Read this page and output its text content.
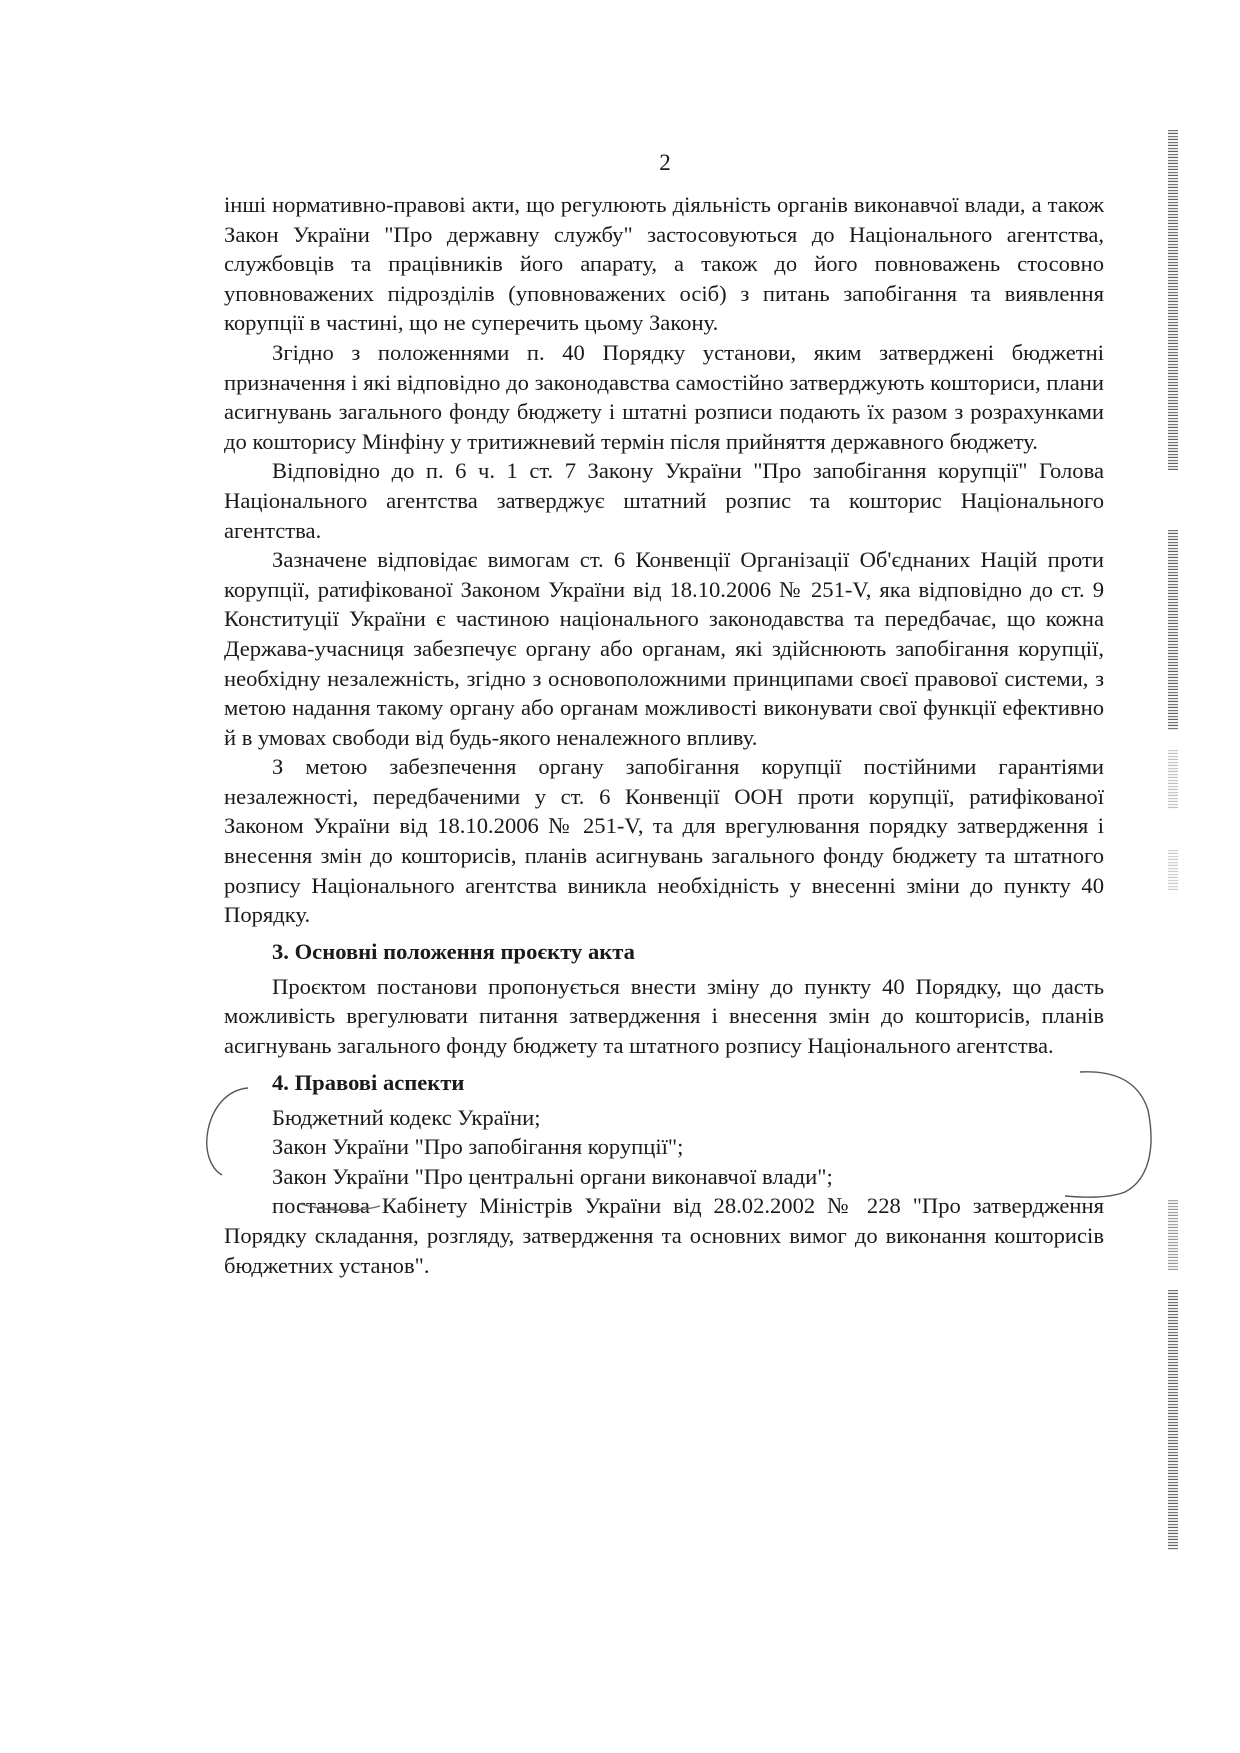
2

інші нормативно-правові акти, що регулюють діяльність органів виконавчої влади, а також Закон України "Про державну службу" застосовуються до Національного агентства, службовців та працівників його апарату, а також до його повноважень стосовно уповноважених підрозділів (уповноважених осіб) з питань запобігання та виявлення корупції в частині, що не суперечить цьому Закону.

Згідно з положеннями п. 40 Порядку установи, яким затверджені бюджетні призначення і які відповідно до законодавства самостійно затверджують кошториси, плани асигнувань загального фонду бюджету і штатні розписи подають їх разом з розрахунками до кошторису Мінфіну у тритижневий термін після прийняття державного бюджету.

Відповідно до п. 6 ч. 1 ст. 7 Закону України "Про запобігання корупції" Голова Національного агентства затверджує штатний розпис та кошторис Національного агентства.

Зазначене відповідає вимогам ст. 6 Конвенції Організації Об'єднаних Націй проти корупції, ратифікованої Законом України від 18.10.2006 № 251-V, яка відповідно до ст. 9 Конституції України є частиною національного законодавства та передбачає, що кожна Держава-учасниця забезпечує органу або органам, які здійснюють запобігання корупції, необхідну незалежність, згідно з основоположними принципами своєї правової системи, з метою надання такому органу або органам можливості виконувати свої функції ефективно й в умовах свободи від будь-якого неналежного впливу.

З метою забезпечення органу запобігання корупції постійними гарантіями незалежності, передбаченими у ст. 6 Конвенції ООН проти корупції, ратифікованої Законом України від 18.10.2006 № 251-V, та для врегулювання порядку затвердження і внесення змін до кошторисів, планів асигнувань загального фонду бюджету та штатного розпису Національного агентства виникла необхідність у внесенні зміни до пункту 40 Порядку.

3. Основні положення проєкту акта

Проєктом постанови пропонується внести зміну до пункту 40 Порядку, що дасть можливість врегулювати питання затвердження і внесення змін до кошторисів, планів асигнувань загального фонду бюджету та штатного розпису Національного агентства.

4. Правові аспекти

Бюджетний кодекс України;

Закон України "Про запобігання корупції";

Закон України "Про центральні органи виконавчої влади";

постанова Кабінету Міністрів України від 28.02.2002 № 228 "Про затвердження Порядку складання, розгляду, затвердження та основних вимог до виконання кошторисів бюджетних установ".
